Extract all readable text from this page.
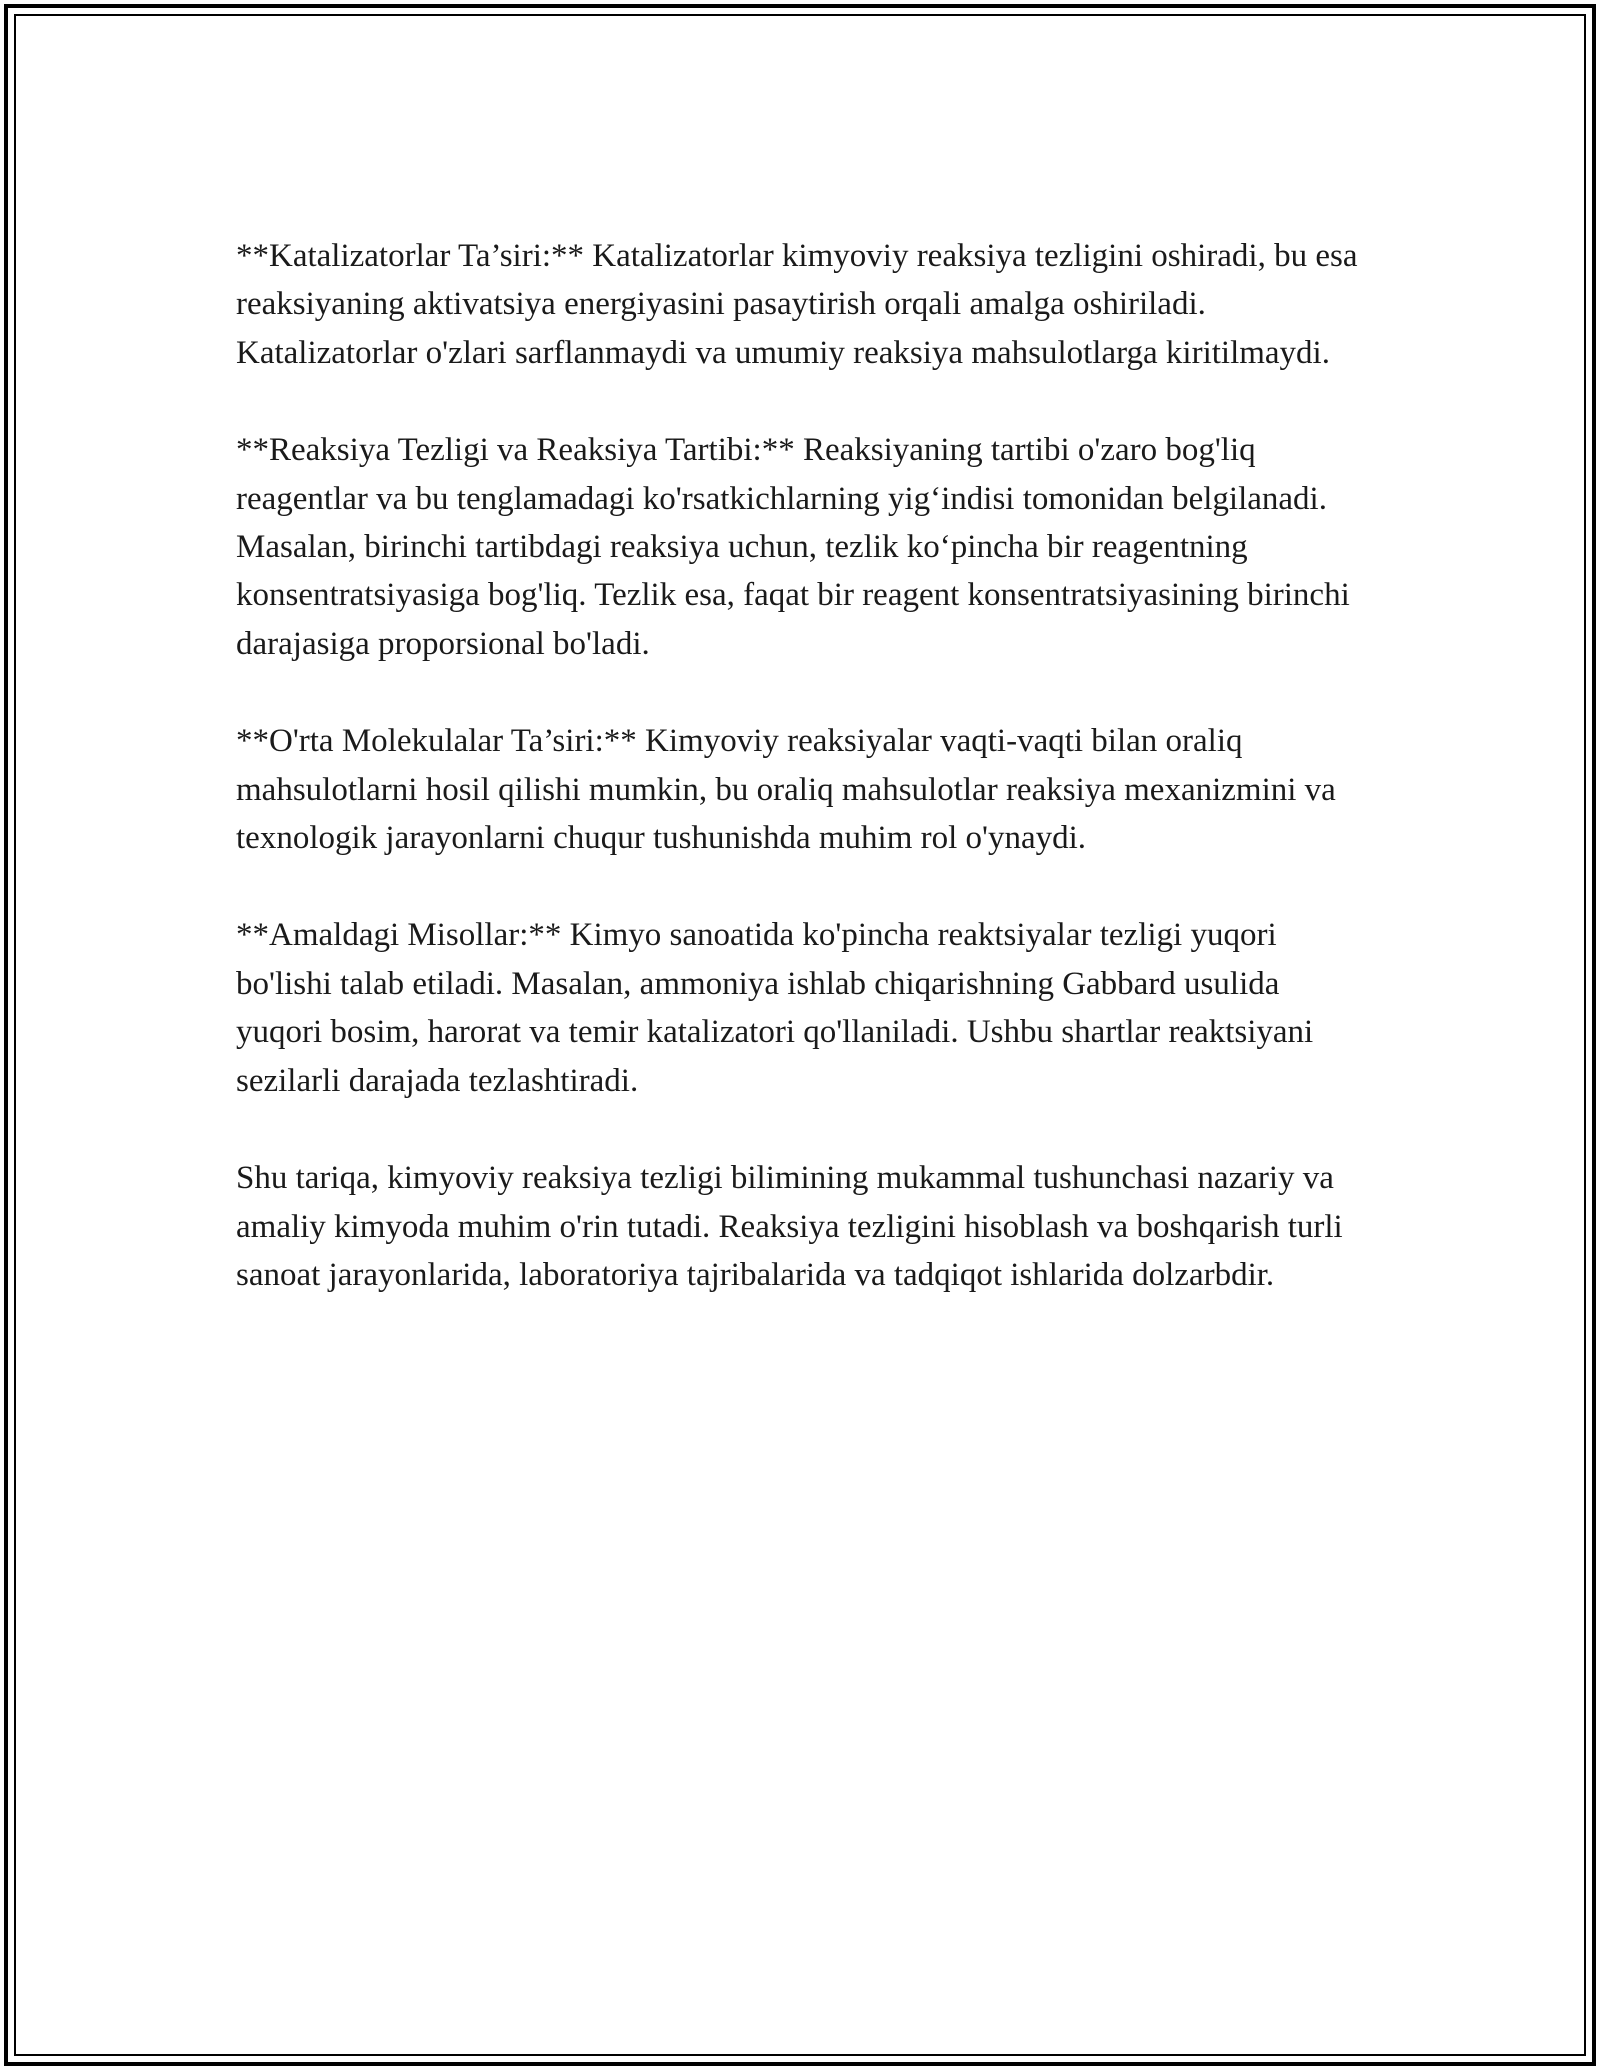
**Katalizatorlar Ta’siri:** Katalizatorlar kimyoviy reaksiya tezligini oshiradi, bu esa reaksiyaning aktivatsiya energiyasini pasaytirish orqali amalga oshiriladi. Katalizatorlar o'zlari sarflanmaydi va umumiy reaksiya mahsulotlarga kiritilmaydi.

**Reaksiya Tezligi va Reaksiya Tartibi:** Reaksiyaning tartibi o'zaro bog'liq reagentlar va bu tenglamadagi ko'rsatkichlarning yig‘indisi tomonidan belgilanadi. Masalan, birinchi tartibdagi reaksiya uchun, tezlik ko‘pincha bir reagentning konsentratsiyasiga bog'liq. Tezlik esa, faqat bir reagent konsentratsiyasining birinchi darajasiga proporsional bo'ladi.

**O'rta Molekulalar Ta’siri:** Kimyoviy reaksiyalar vaqti-vaqti bilan oraliq mahsulotlarni hosil qilishi mumkin, bu oraliq mahsulotlar reaksiya mexanizmini va texnologik jarayonlarni chuqur tushunishda muhim rol o'ynaydi.

**Amaldagi Misollar:** Kimyo sanoatida ko'pincha reaktsiyalar tezligi yuqori bo'lishi talab etiladi. Masalan, ammoniya ishlab chiqarishning Gabbard usulida yuqori bosim, harorat va temir katalizatori qo'llaniladi. Ushbu shartlar reaktsiyani sezilarli darajada tezlashtiradi.

Shu tariqa, kimyoviy reaksiya tezligi bilimining mukammal tushunchasi nazariy va amaliy kimyoda muhim o'rin tutadi. Reaksiya tezligini hisoblash va boshqarish turli sanoat jarayonlarida, laboratoriya tajribalarida va tadqiqot ishlarida dolzarbdir.
